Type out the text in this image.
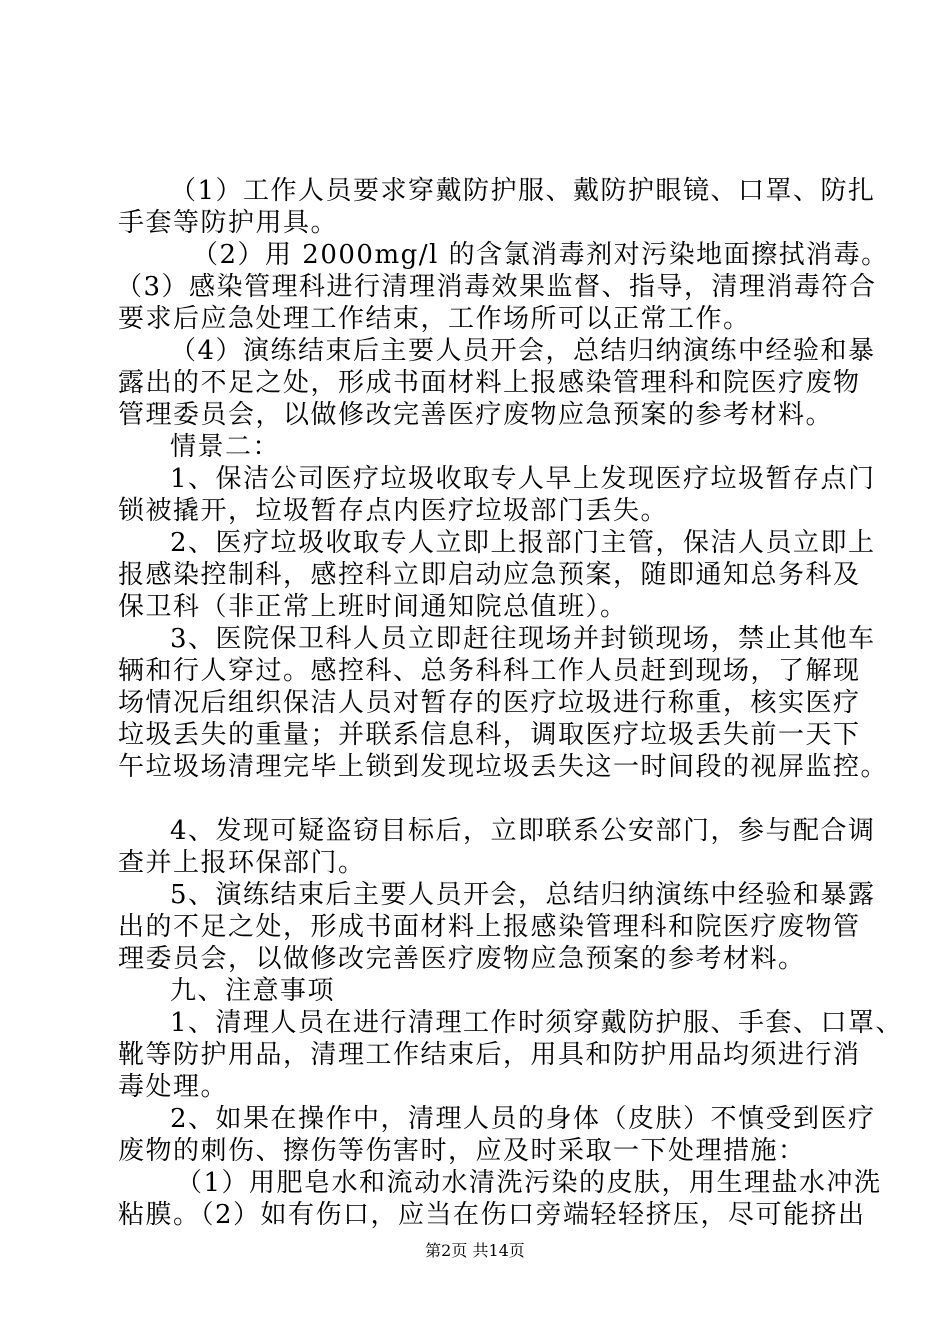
（1）工作人员要求穿戴防护服、戴防护眼镜、口罩、防扎
手套等防护用具。
（2）用 2000mg/l 的含氯消毒剂对污染地面擦拭消毒。
（3）感染管理科进行清理消毒效果监督、指导，清理消毒符合
要求后应急处理工作结束，工作场所可以正常工作。
（4）演练结束后主要人员开会，总结归纳演练中经验和暴
露出的不足之处，形成书面材料上报感染管理科和院医疗废物
管理委员会，以做修改完善医疗废物应急预案的参考材料。
情景二：
1、保洁公司医疗垃圾收取专人早上发现医疗垃圾暂存点门
锁被撬开，垃圾暂存点内医疗垃圾部门丢失。
2、医疗垃圾收取专人立即上报部门主管，保洁人员立即上
报感染控制科，感控科立即启动应急预案，随即通知总务科及
保卫科（非正常上班时间通知院总值班）。
3、医院保卫科人员立即赶往现场并封锁现场，禁止其他车
辆和行人穿过。感控科、总务科科工作人员赶到现场，了解现
场情况后组织保洁人员对暂存的医疗垃圾进行称重，核实医疗
垃圾丢失的重量；并联系信息科，调取医疗垃圾丢失前一天下
午垃圾场清理完毕上锁到发现垃圾丢失这一时间段的视屏监控。
4、发现可疑盗窃目标后，立即联系公安部门，参与配合调
查并上报环保部门。
5、演练结束后主要人员开会，总结归纳演练中经验和暴露
出的不足之处，形成书面材料上报感染管理科和院医疗废物管
理委员会，以做修改完善医疗废物应急预案的参考材料。
九、注意事项
1、清理人员在进行清理工作时须穿戴防护服、手套、口罩、
靴等防护用品，清理工作结束后，用具和防护用品均须进行消
毒处理。
2、如果在操作中，清理人员的身体（皮肤）不慎受到医疗
废物的刺伤、擦伤等伤害时，应及时采取一下处理措施：
（1）用肥皂水和流动水清洗污染的皮肤，用生理盐水冲洗
粘膜。（2）如有伤口，应当在伤口旁端轻轻挤压，尽可能挤出
第2页 共14页
